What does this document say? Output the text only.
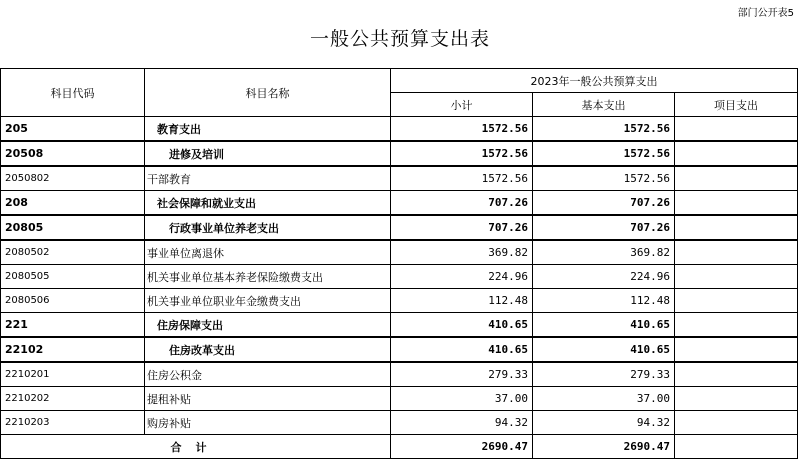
部门公开表5
一般公共预算支出表
科目代码	科目名称	2023年一般公共预算支出		
		小计	基本支出	项目支出
205	教育支出	1572.56	1572.56	
20508	进修及培训	1572.56	1572.56	
2050802	干部教育	1572.56	1572.56	
208	社会保障和就业支出	707.26	707.26	
20805	行政事业单位养老支出	707.26	707.26	
2080502	事业单位离退休	369.82	369.82	
2080505	机关事业单位基本养老保险缴费支出	224.96	224.96	
2080506	机关事业单位职业年金缴费支出	112.48	112.48	
221	住房保障支出	410.65	410.65	
22102	住房改革支出	410.65	410.65	
2210201	住房公积金	279.33	279.33	
2210202	提租补贴	37.00	37.00	
2210203	购房补贴	94.32	94.32	
合计		2690.47	2690.47	
